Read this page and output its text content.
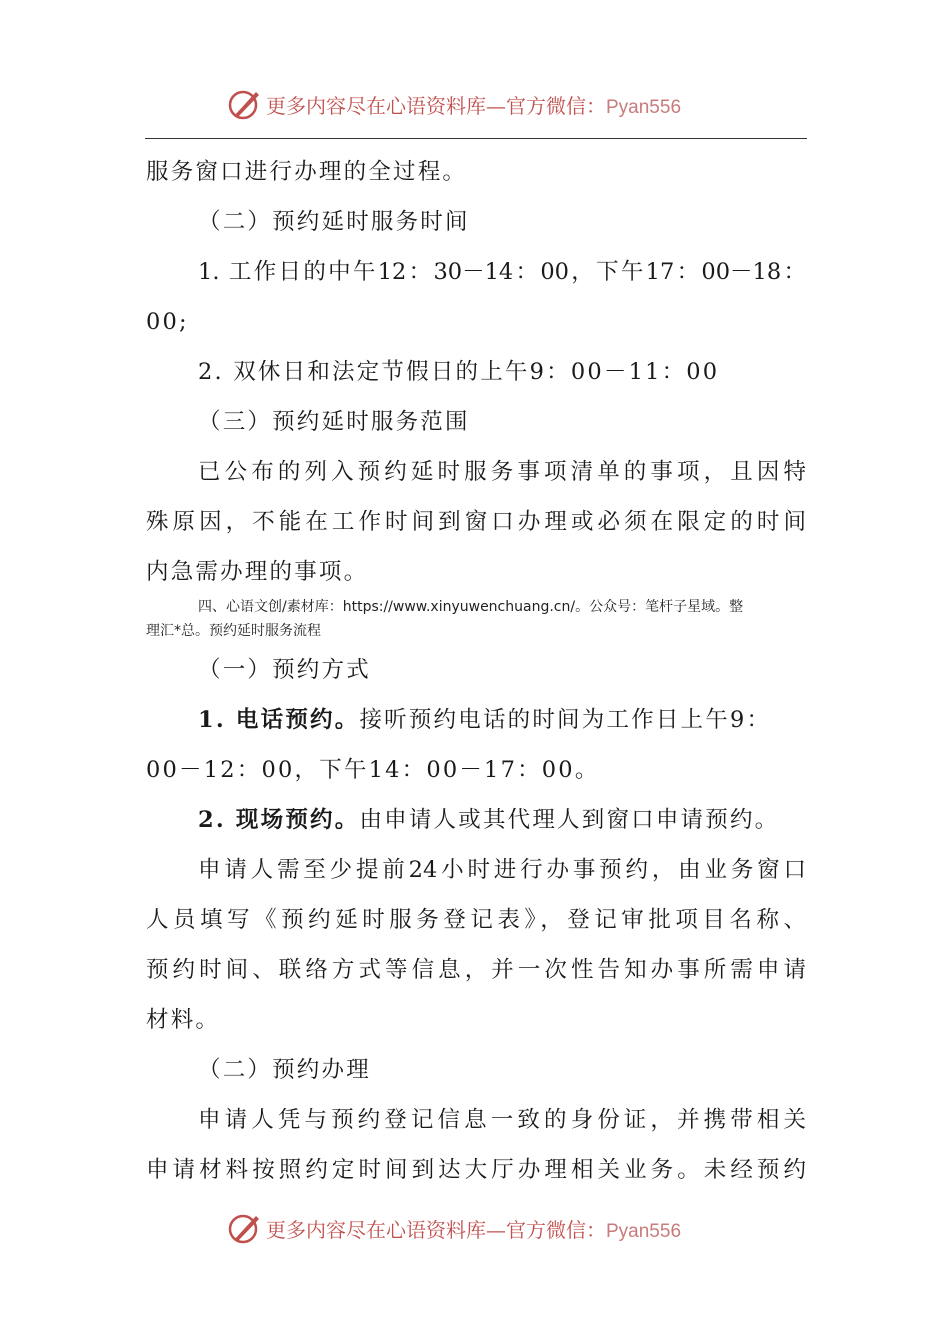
更多内容尽在心语资料库—官方微信：Pyan556
服务窗口进行办理的全过程。
（二）预约延时服务时间
1. 工作日的中午12：30－14：00，下午17：00－18：
00;
2. 双休日和法定节假日的上午9：00－11：00
（三）预约延时服务范围
已公布的列入预约延时服务事项清单的事项，且因特
殊原因，不能在工作时间到窗口办理或必须在限定的时间
内急需办理的事项。
四、心语文创/素材库：https://www.xinyuwenchuang.cn/。公众号：笔杆子星域。整
理汇*总。预约延时服务流程
（一）预约方式
1. 电话预约。接听预约电话的时间为工作日上午9：
00－12：00，下午14：00－17：00。
2. 现场预约。由申请人或其代理人到窗口申请预约。
申请人需至少提前24小时进行办事预约，由业务窗口
人员填写《预约延时服务登记表》，登记审批项目名称、
预约时间、联络方式等信息，并一次性告知办事所需申请
材料。
（二）预约办理
申请人凭与预约登记信息一致的身份证，并携带相关
申请材料按照约定时间到达大厅办理相关业务。未经预约
更多内容尽在心语资料库—官方微信：Pyan556
